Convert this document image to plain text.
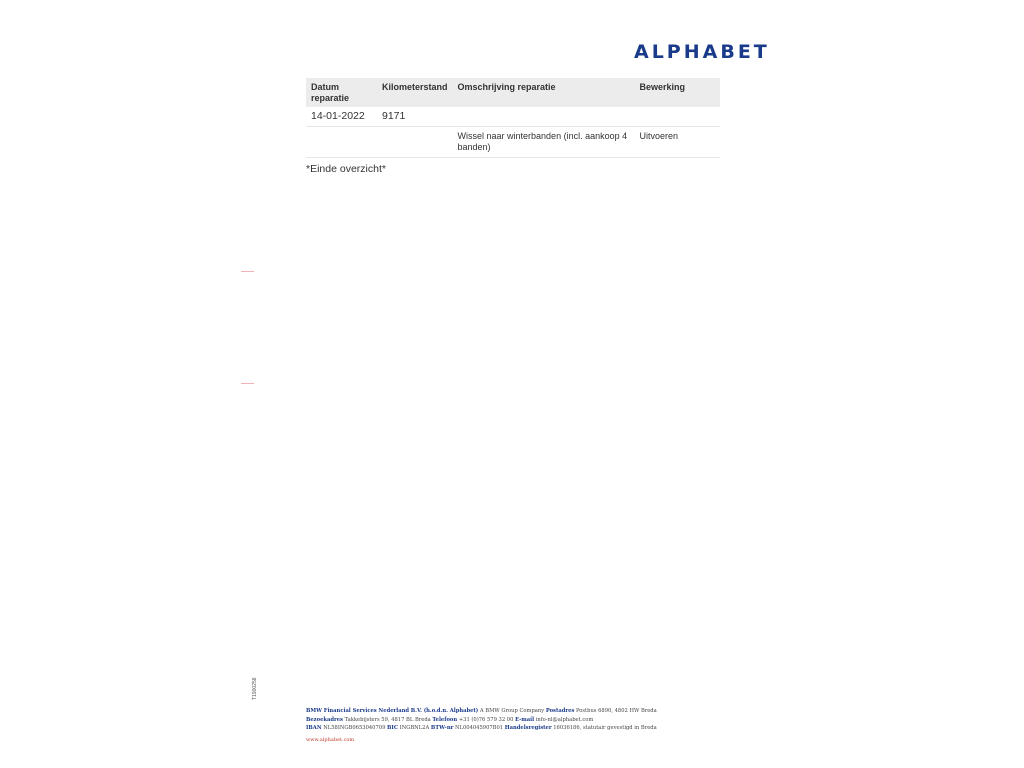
ALPHABET
Datum reparatie	Kilometerstand	Omschrijving reparatie	Bewerking
14-01-2022	9171		
		Wissel naar winterbanden (incl. aankoop 4 banden)	Uitvoeren
*Einde overzicht*
T1900258
BMW Financial Services Nederland B.V. (h.o.d.n. Alphabet) A BMW Group Company Postadres Postbus 6890, 4802 HW Breda
Bezoekadres Takkebijsters 59, 4817 BL Breda Telefoon +31 (0)76 579 32 00 E-mail info-nl@alphabet.com
IBAN NL58INGB0653040709 BIC INGBNL2A BTW-nr NL004045907B01 Handelsregister 16036186, statutair gevestigd in Breda
www.alphabet.com
